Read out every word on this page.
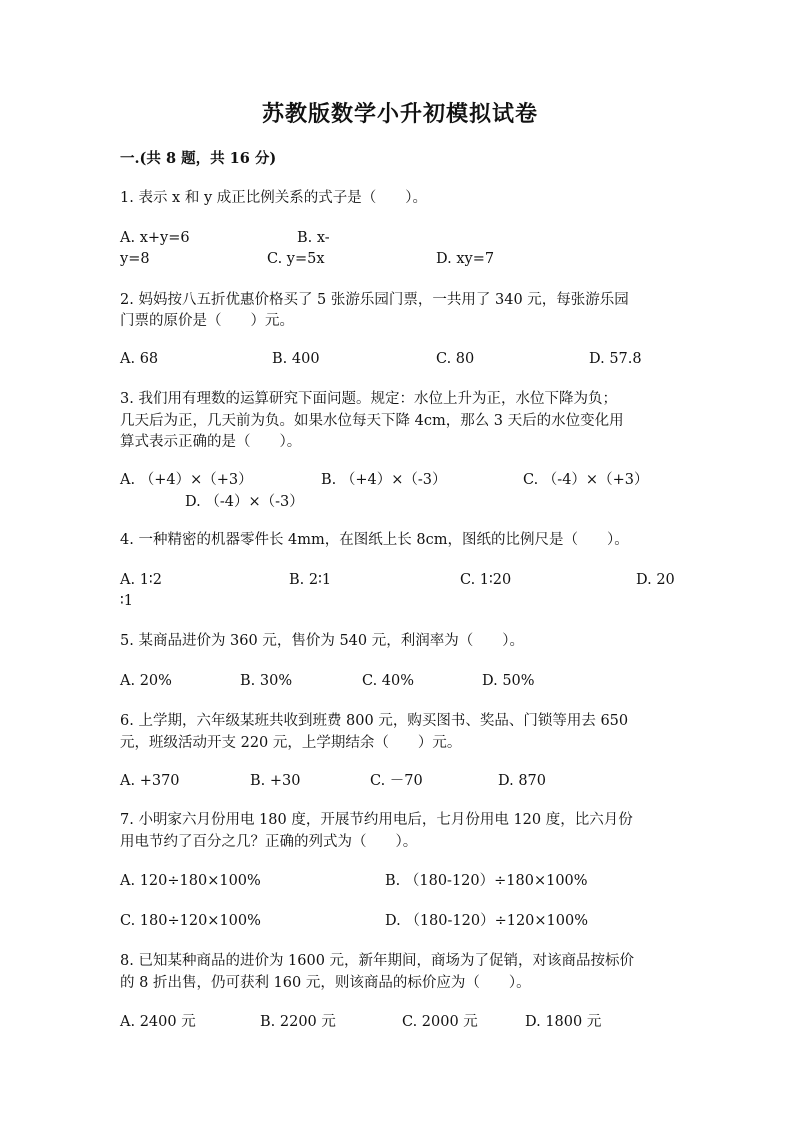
苏教版数学小升初模拟试卷
一.(共 8 题，共 16 分)
1. 表示 x 和 y 成正比例关系的式子是（　　）。
A. x+y=6	B. x-
y=8	C. y=5x	D. xy=7
2. 妈妈按八五折优惠价格买了 5 张游乐园门票，一共用了 340 元，每张游乐园
门票的原价是（　　）元。
A. 68	B. 400	C. 80	D. 57.8
3. 我们用有理数的运算研究下面问题。规定：水位上升为正，水位下降为负；
几天后为正，几天前为负。如果水位每天下降 4cm，那么 3 天后的水位变化用
算式表示正确的是（　　）。
A. （+4）×（+3）	B. （+4）×（-3）	C. （-4）×（+3）
D. （-4）×（-3）
4. 一种精密的机器零件长 4mm，在图纸上长 8cm，图纸的比例尺是（　　）。
A. 1∶2	B. 2∶1	C. 1∶20	D. 20
∶1
5. 某商品进价为 360 元，售价为 540 元，利润率为（　　）。
A. 20%	B. 30%	C. 40%	D. 50%
6. 上学期，六年级某班共收到班费 800 元，购买图书、奖品、门锁等用去 650
元，班级活动开支 220 元，上学期结余（　　）元。
A. +370	B. +30	C. －70	D. 870
7. 小明家六月份用电 180 度，开展节约用电后，七月份用电 120 度，比六月份
用电节约了百分之几？正确的列式为（　　）。
A. 120÷180×100%	B. （180-120）÷180×100%
C. 180÷120×100%	D. （180-120）÷120×100%
8. 已知某种商品的进价为 1600 元，新年期间，商场为了促销，对该商品按标价
的 8 折出售，仍可获利 160 元，则该商品的标价应为（　　）。
A. 2400 元	B. 2200 元	C. 2000 元	D. 1800 元
